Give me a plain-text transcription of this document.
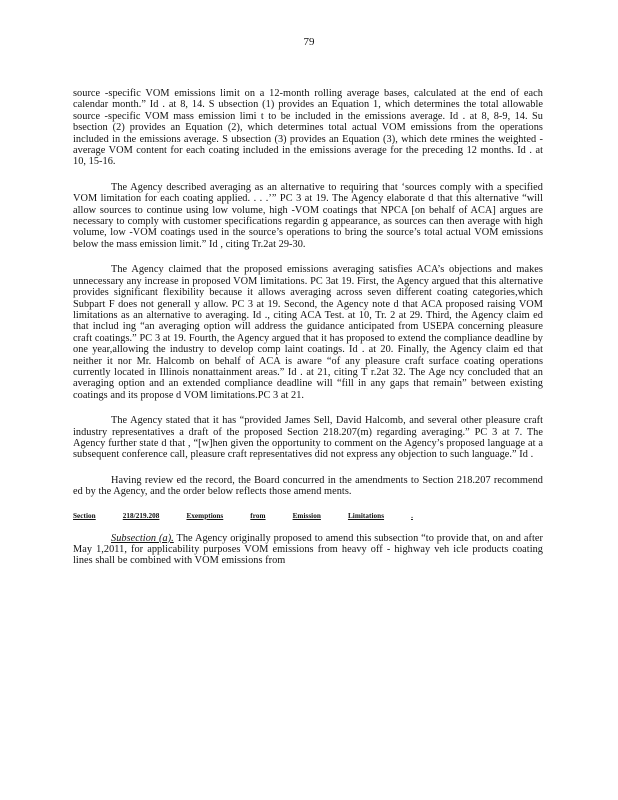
79

source -specific VOM emissions limit on a 12-month rolling average bases, calculated at the end of each calendar month.” Id . at 8, 14. S ubsection (1) provides an Equation 1, which determines the total allowable source -specific VOM mass emission limi t to be included in the emissions average. Id . at 8, 8-9, 14. Su bsection (2) provides an Equation (2), which determines total actual VOM emissions from the operations included in the emissions average. S ubsection (3) provides an Equation (3), which dete rmines the weighted -average VOM content for each coating included in the emissions average for the preceding 12 months. Id . at 10, 15-16.

The Agency described averaging as an alternative to requiring that ‘sources comply with a specified VOM limitation for each coating applied. . . .’” PC 3 at 19. The Agency elaborate d that this alternative “will allow sources to continue using low volume, high -VOM coatings that NPCA [on behalf of ACA] argues are necessary to comply with customer specifications regardin g appearance, as sources can then average with high volume, low -VOM coatings used in the source’s operations to bring the source’s total actual VOM emissions below the mass emission limit.” Id , citing Tr.2at 29-30.

The Agency claimed that the proposed emissions averaging satisfies ACA’s objections and makes unnecessary any increase in proposed VOM limitations. PC 3at 19. First, the Agency argued that this alternative provides significant flexibility because it allows averaging across seven different coating categories,which Subpart F does not generall y allow. PC 3 at 19. Second, the Agency note d that ACA proposed raising VOM limitations as an alternative to averaging. Id ., citing ACA Test. at 10, Tr. 2 at 29. Third, the Agency claim ed that includ ing “an averaging option will address the guidance anticipated from USEPA concerning pleasure craft coatings.” PC 3 at 19. Fourth, the Agency argued that it has proposed to extend the compliance deadline by one year,allowing the industry to develop comp laint coatings. Id . at 20. Finally, the Agency claim ed that neither it nor Mr. Halcomb on behalf of ACA is aware “of any pleasure craft surface coating operations currently located in Illinois nonattainment areas.” Id . at 21, citing T r.2at 32. The Age ncy concluded that an averaging option and an extended compliance deadline will “fill in any gaps that remain” between existing coatings and its propose d VOM limitations.PC 3 at 21.

The Agency stated that it has “provided James Sell, David Halcomb, and several other pleasure craft industry representatives a draft of the proposed Section 218.207(m) regarding averaging.” PC 3 at 7. The Agency further state d that , “[w]hen given the opportunity to comment on the Agency’s proposed language at a subsequent conference call, pleasure craft representatives did not express any objection to such language.” Id .

Having review ed the record, the Board concurred in the amendments to Section 218.207 recommend ed by the Agency, and the order below reflects those amend ments.

Section	218/219.208	Exemptions	from	Emission	Limitations	.

Subsection (a). The Agency originally proposed to amend this subsection “to provide that, on and after May 1,2011, for applicability purposes VOM emissions from heavy off - highway veh icle products coating lines shall be combined with VOM emissions from
